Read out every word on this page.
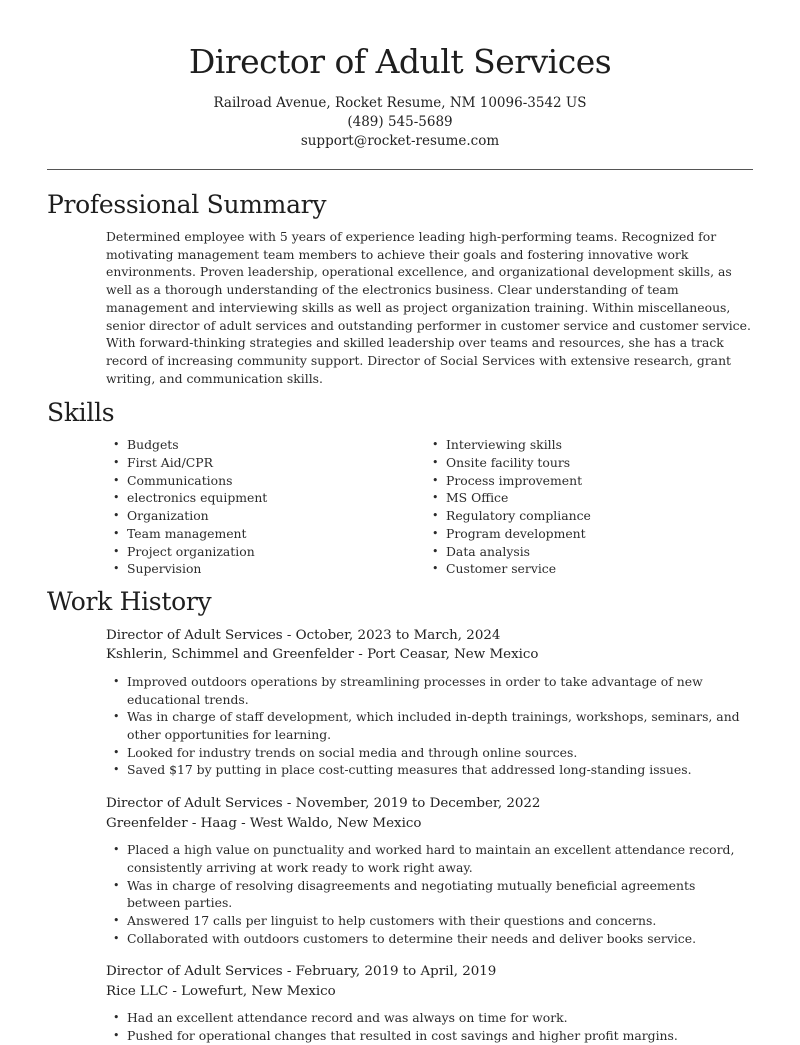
Director of Adult Services
Railroad Avenue, Rocket Resume, NM 10096-3542 US
(489) 545-5689
support@rocket-resume.com
Professional Summary

Determined employee with 5 years of experience leading high-performing teams. Recognized for motivating management team members to achieve their goals and fostering innovative work environments. Proven leadership, operational excellence, and organizational development skills, as well as a thorough understanding of the electronics business. Clear understanding of team management and interviewing skills as well as project organization training. Within miscellaneous, senior director of adult services and outstanding performer in customer service and customer service. With forward-thinking strategies and skilled leadership over teams and resources, she has a track record of increasing community support. Director of Social Services with extensive research, grant writing, and communication skills.

Skills
• Budgets
• First Aid/CPR
• Communications
• electronics equipment
• Organization
• Team management
• Project organization
• Supervision
• Interviewing skills
• Onsite facility tours
• Process improvement
• MS Office
• Regulatory compliance
• Program development
• Data analysis
• Customer service
Work History
Director of Adult Services - October, 2023 to March, 2024
Kshlerin, Schimmel and Greenfelder - Port Ceasar, New Mexico
• Improved outdoors operations by streamlining processes in order to take advantage of new educational trends.
• Was in charge of staff development, which included in-depth trainings, workshops, seminars, and other opportunities for learning.
• Looked for industry trends on social media and through online sources.
• Saved $17 by putting in place cost-cutting measures that addressed long-standing issues.
Director of Adult Services - November, 2019 to December, 2022
Greenfelder - Haag - West Waldo, New Mexico
• Placed a high value on punctuality and worked hard to maintain an excellent attendance record, consistently arriving at work ready to work right away.
• Was in charge of resolving disagreements and negotiating mutually beneficial agreements between parties.
• Answered 17 calls per linguist to help customers with their questions and concerns.
• Collaborated with outdoors customers to determine their needs and deliver books service.
Director of Adult Services - February, 2019 to April, 2019
Rice LLC - Lowefurt, New Mexico
• Had an excellent attendance record and was always on time for work.
• Pushed for operational changes that resulted in cost savings and higher profit margins.
